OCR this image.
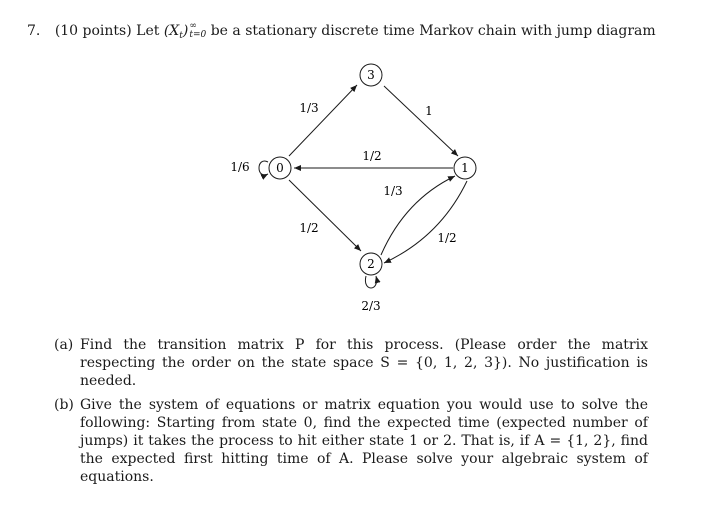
7. (10 points) Let $(X_t)$ ∞
t=0 be a stationary discrete time Markov chain with jump diagram
0	1
2
3
1/6
1/3
1/2
1
1/2
1/2
1/3
2/3
(a) Find the transition matrix P for this process. (Please order the matrix respecting the order on the state space S = {0, 1, 2, 3}). No justification is needed.
(b) Give the system of equations or matrix equation you would use to solve the following: Starting from state 0, find the expected time (expected number of jumps) it takes the process to hit either state 1 or 2. That is, if A = {1, 2}, find the expected first hitting time of A. Please solve your algebraic system of equations.
